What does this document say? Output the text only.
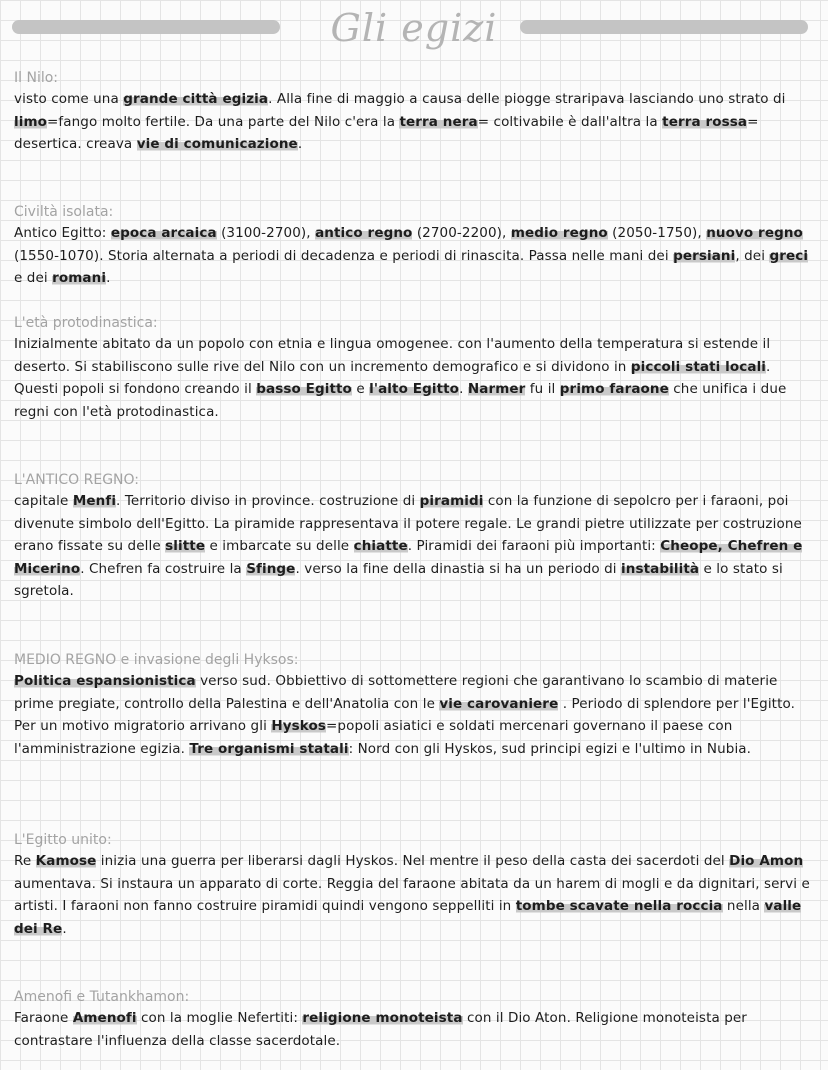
Gli egizi

Il Nilo:

visto come una grande città egizia. Alla fine di maggio a causa delle piogge straripava lasciando uno strato di limo=fango molto fertile. Da una parte del Nilo c'era la terra nera= coltivabile è dall'altra la terra rossa= desertica. creava vie di comunicazione.

Civiltà isolata:

Antico Egitto: epoca arcaica (3100-2700), antico regno (2700-2200), medio regno (2050-1750), nuovo regno (1550-1070). Storia alternata a periodi di decadenza e periodi di rinascita. Passa nelle mani dei persiani, dei greci e dei romani.

L'età protodinastica:

Inizialmente abitato da un popolo con etnia e lingua omogenee. con l'aumento della temperatura si estende il deserto. Si stabiliscono sulle rive del Nilo con un incremento demografico e si dividono in piccoli stati locali. Questi popoli si fondono creando il basso Egitto e l'alto Egitto. Narmer fu il primo faraone che unifica i due regni con l'età protodinastica.

L'ANTICO REGNO:

capitale Menfi. Territorio diviso in province. costruzione di piramidi con la funzione di sepolcro per i faraoni, poi divenute simbolo dell'Egitto. La piramide rappresentava il potere regale. Le grandi pietre utilizzate per costruzione erano fissate su delle slitte e imbarcate su delle chiatte. Piramidi dei faraoni più importanti: Cheope, Chefren e Micerino. Chefren fa costruire la Sfinge. verso la fine della dinastia si ha un periodo di instabilità e lo stato si sgretola.

MEDIO REGNO e invasione degli Hyksos:

Politica espansionistica verso sud. Obbiettivo di sottomettere regioni che garantivano lo scambio di materie prime pregiate, controllo della Palestina e dell'Anatolia con le vie carovaniere . Periodo di splendore per l'Egitto. Per un motivo migratorio arrivano gli Hyskos=popoli asiatici e soldati mercenari governano il paese con l'amministrazione egizia. Tre organismi statali: Nord con gli Hyskos, sud principi egizi e l'ultimo in Nubia.

L'Egitto unito:

Re Kamose inizia una guerra per liberarsi dagli Hyskos. Nel mentre il peso della casta dei sacerdoti del Dio Amon aumentava. Si instaura un apparato di corte. Reggia del faraone abitata da un harem di mogli e da dignitari, servi e artisti. I faraoni non fanno costruire piramidi quindi vengono seppelliti in tombe scavate nella roccia nella valle dei Re.

Amenofi e Tutankhamon:

Faraone Amenofi con la moglie Nefertiti: religione monoteista con il Dio Aton. Religione monoteista per contrastare l'influenza della classe sacerdotale.
